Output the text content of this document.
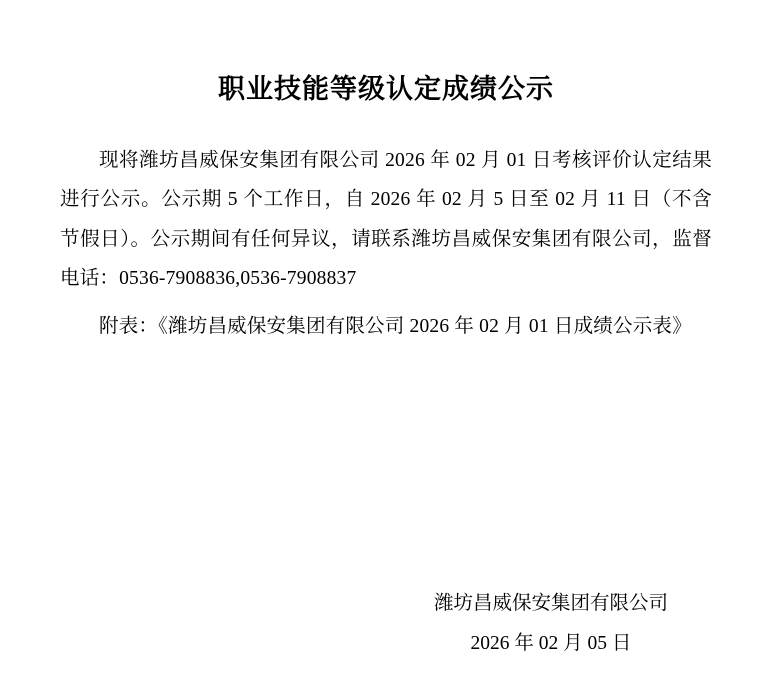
职业技能等级认定成绩公示

现将潍坊昌威保安集团有限公司 2026 年 02 月 01 日考核评价认定结果进行公示。公示期 5 个工作日，自 2026 年 02 月 5 日至 02 月 11 日（不含节假日）。公示期间有任何异议，请联系潍坊昌威保安集团有限公司，监督电话：0536-7908836,0536-7908837

附表：《潍坊昌威保安集团有限公司 2026 年 02 月 01 日成绩公示表》

潍坊昌威保安集团有限公司
2026 年 02 月 05 日
